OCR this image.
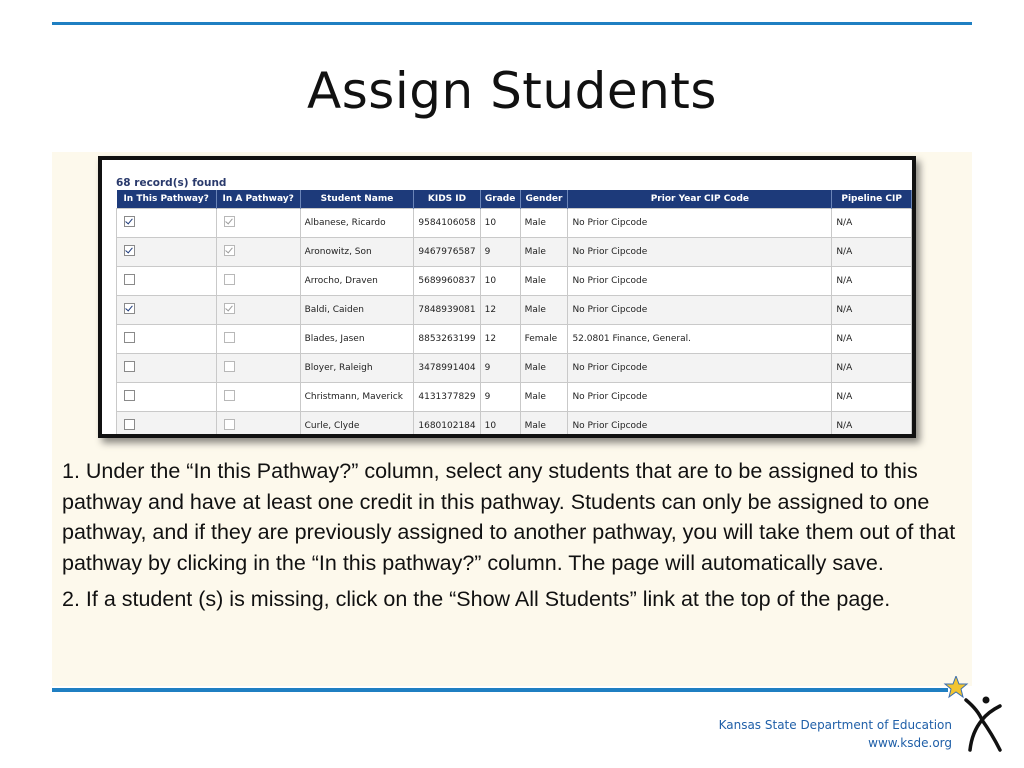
Assign Students
68 record(s) found
In This Pathway?	In A Pathway?	Student Name	KIDS ID	Grade	Gender	Prior Year CIP Code	Pipeline CIP
		Albanese, Ricardo	9584106058	10	Male	No Prior Cipcode	N/A
		Aronowitz, Son	9467976587	9	Male	No Prior Cipcode	N/A
		Arrocho, Draven	5689960837	10	Male	No Prior Cipcode	N/A
		Baldi, Caiden	7848939081	12	Male	No Prior Cipcode	N/A
		Blades, Jasen	8853263199	12	Female	52.0801 Finance, General.	N/A
		Bloyer, Raleigh	3478991404	9	Male	No Prior Cipcode	N/A
		Christmann, Maverick	4131377829	9	Male	No Prior Cipcode	N/A
		Curle, Clyde	1680102184	10	Male	No Prior Cipcode	N/A

1. Under the “In this Pathway?” column, select any students that are to be assigned to this pathway and have at least one credit in this pathway. Students can only be assigned to one pathway, and if they are previously assigned to another pathway, you will take them out of that pathway by clicking in the “In this pathway?” column. The page will automatically save.

2. If a student (s) is missing, click on the “Show All Students” link at the top of the page.

Kansas State Department of Education
www.ksde.org
